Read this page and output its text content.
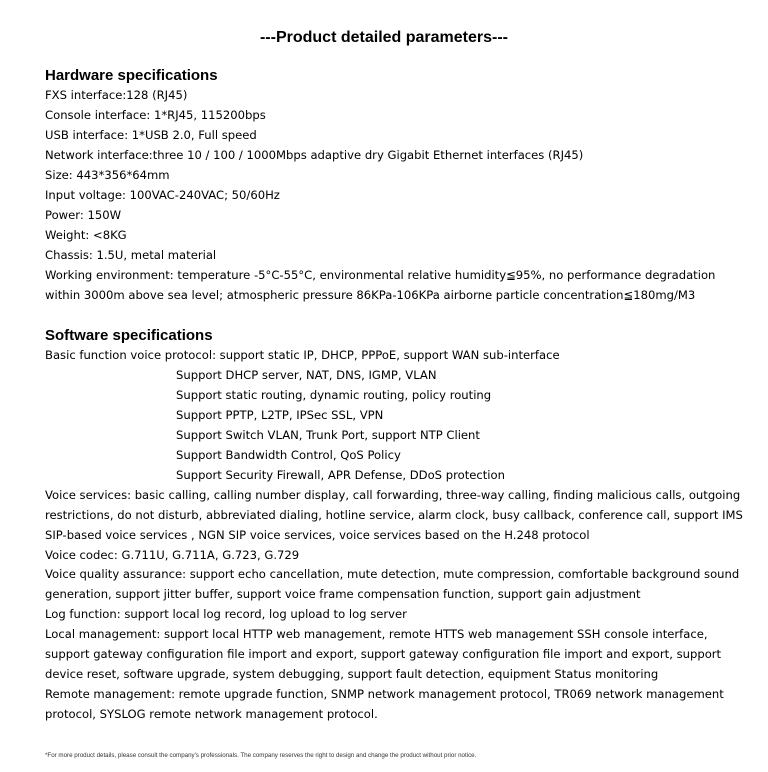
---Product detailed parameters---
Hardware specifications
FXS interface:128 (RJ45)
Console interface: 1*RJ45, 115200bps
USB interface: 1*USB 2.0, Full speed
Network interface:three 10 / 100 / 1000Mbps adaptive dry Gigabit Ethernet interfaces (RJ45)
Size: 443*356*64mm
Input voltage: 100VAC-240VAC; 50/60Hz
Power: 150W
Weight: <8KG
Chassis: 1.5U, metal material
Working environment: temperature -5°C-55°C, environmental relative humidity≦95%, no performance degradation
within 3000m above sea level; atmospheric pressure 86KPa-106KPa airborne particle concentration≦180mg/M3
Software specifications
Basic function voice protocol: support static IP, DHCP, PPPoE, support WAN sub-interface
Support DHCP server, NAT, DNS, IGMP, VLAN
Support static routing, dynamic routing, policy routing
Support PPTP, L2TP, IPSec SSL, VPN
Support Switch VLAN, Trunk Port, support NTP Client
Support Bandwidth Control, QoS Policy
Support Security Firewall, APR Defense, DDoS protection
Voice services: basic calling, calling number display, call forwarding, three-way calling, finding malicious calls, outgoing
restrictions, do not disturb, abbreviated dialing, hotline service, alarm clock, busy callback, conference call, support IMS
SIP-based voice services , NGN SIP voice services, voice services based on the H.248 protocol
Voice codec: G.711U, G.711A, G.723, G.729
Voice quality assurance: support echo cancellation, mute detection, mute compression, comfortable background sound
generation, support jitter buffer, support voice frame compensation function, support gain adjustment
Log function: support local log record, log upload to log server
Local management: support local HTTP web management, remote HTTS web management SSH console interface,
support gateway configuration file import and export, support gateway configuration file import and export, support
device reset, software upgrade, system debugging, support fault detection, equipment Status monitoring
Remote management: remote upgrade function, SNMP network management protocol, TR069 network management
protocol, SYSLOG remote network management protocol.
*For more product details, please consult the company's professionals. The company reserves the right to design and change the product without prior notice.
